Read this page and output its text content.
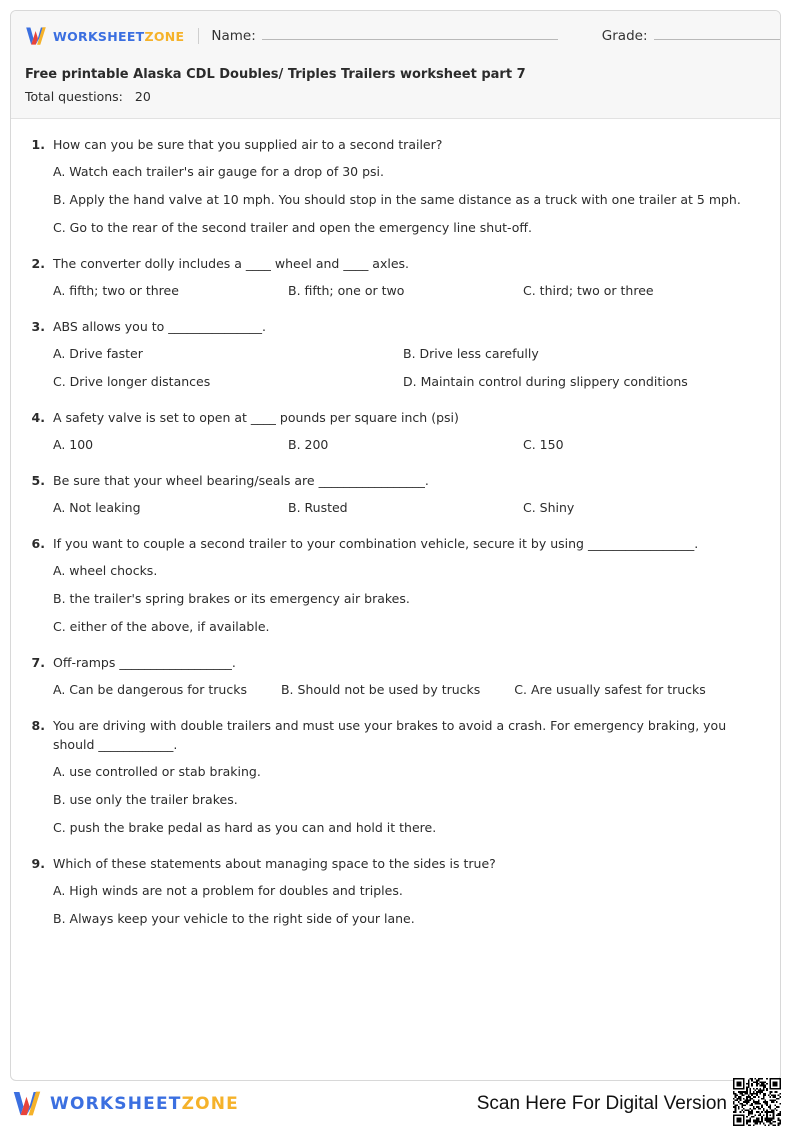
WORKSHEETZONE Name:	Grade:
Free printable Alaska CDL Doubles/ Triples Trailers worksheet part 7
Total questions: 20
1. How can you be sure that you supplied air to a second trailer?
A. Watch each trailer's air gauge for a drop of 30 psi.
B. Apply the hand valve at 10 mph. You should stop in the same distance as a truck with one trailer at 5 mph.
C. Go to the rear of the second trailer and open the emergency line shut-off.
2. The converter dolly includes a ____ wheel and ____ axles.
A. fifth; two or three	B. fifth; one or two	C. third; two or three
3. ABS allows you to _______________.
A. Drive faster	B. Drive less carefully
C. Drive longer distances	D. Maintain control during slippery conditions
4. A safety valve is set to open at ____ pounds per square inch (psi)
A. 100	B. 200	C. 150
5. Be sure that your wheel bearing/seals are _________________.
A. Not leaking	B. Rusted	C. Shiny
6. If you want to couple a second trailer to your combination vehicle, secure it by using _________________.
A. wheel chocks.
B. the trailer's spring brakes or its emergency air brakes.
C. either of the above, if available.
7. Off-ramps __________________.
A. Can be dangerous for trucks	B. Should not be used by trucks	C. Are usually safest for trucks
8. You are driving with double trailers and must use your brakes to avoid a crash. For emergency braking, you should ____________.
A. use controlled or stab braking.
B. use only the trailer brakes.
C. push the brake pedal as hard as you can and hold it there.
9. Which of these statements about managing space to the sides is true?
A. High winds are not a problem for doubles and triples.
B. Always keep your vehicle to the right side of your lane.
WORKSHEETZONE	Scan Here For Digital Version
